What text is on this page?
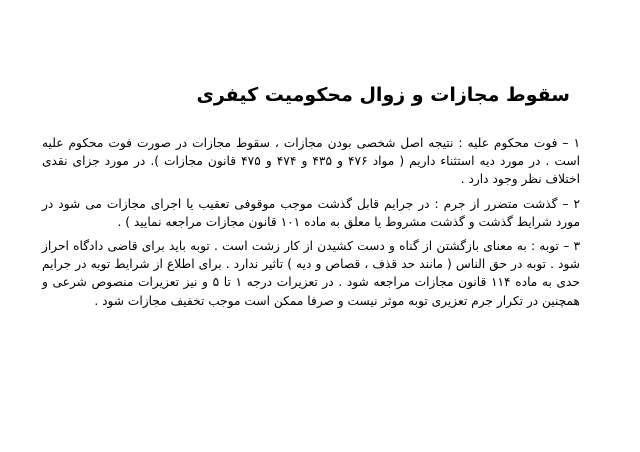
سقوط مجازات و زوال محکومیت کیفری

۱ – فوت محکوم علیه : نتیجه اصل شخصی بودن مجازات ، سقوط مجازات در صورت فوت محکوم علیه است . در مورد دیه استثناء داریم ( مواد ۴۷۶ و ۴۳۵ و ۴۷۴ و ۴۷۵ قانون مجازات ). در مورد جزای نقدی اختلاف نظر وجود دارد .

۲ – گذشت متضرر از جرم : در جرایم قابل گذشت موجب موقوفی تعقیب یا اجرای مجازات می شود در مورد شرایط گذشت و گذشت مشروط یا معلق به ماده ۱۰۱ قانون مجازات مراجعه نمایید ) .

۳ – توبه : به معنای بازگشتن از گناه و دست کشیدن از کار زشت است . توبه باید برای قاضی دادگاه احراز شود . توبه در حق الناس ( مانند حد قذف ، قصاص و دیه ) تاثیر ندارد . برای اطلاع از شرایط توبه در جرایم حدی به ماده ۱۱۴ قانون مجازات مراجعه شود . در تعزیرات درجه ۱ تا ۵ و نیز تعزیرات منصوص شرعی و همچنین در تکرار جرم تعزیری توبه موثر نیست و صرفا ممکن است موجب تخفیف مجازات شود .
